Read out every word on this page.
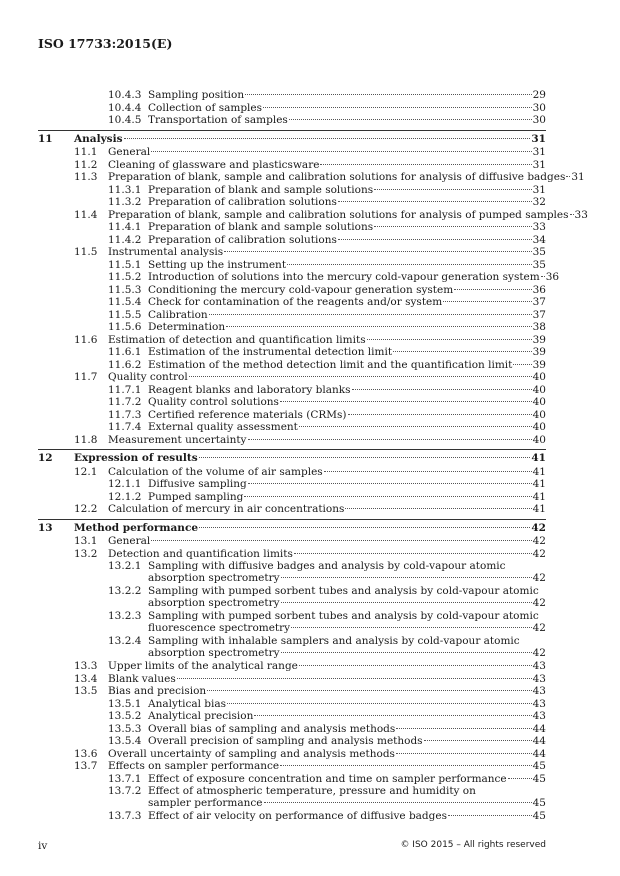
ISO 17733:2015(E)
10.4.3 Sampling position	29
10.4.4 Collection of samples	30
10.4.5 Transportation of samples	30
11 Analysis	31
11.1 General	31
11.2 Cleaning of glassware and plasticsware	31
11.3 Preparation of blank, sample and calibration solutions for analysis of diffusive badges 31
11.3.1 Preparation of blank and sample solutions	31
11.3.2 Preparation of calibration solutions	32
11.4 Preparation of blank, sample and calibration solutions for analysis of pumped samples 33
11.4.1 Preparation of blank and sample solutions	33
11.4.2 Preparation of calibration solutions	34
11.5 Instrumental analysis	35
11.5.1 Setting up the instrument	35
11.5.2 Introduction of solutions into the mercury cold-vapour generation system 36
11.5.3 Conditioning the mercury cold-vapour generation system	36
11.5.4 Check for contamination of the reagents and/or system	37
11.5.5 Calibration	37
11.5.6 Determination	38
11.6 Estimation of detection and quantification limits	39
11.6.1 Estimation of the instrumental detection limit	39
11.6.2 Estimation of the method detection limit and the quantification limit 39
11.7 Quality control	40
11.7.1 Reagent blanks and laboratory blanks	40
11.7.2 Quality control solutions	40
11.7.3 Certified reference materials (CRMs)	40
11.7.4 External quality assessment	40
11.8 Measurement uncertainty	40
12 Expression of results	41
12.1 Calculation of the volume of air samples	41
12.1.1 Diffusive sampling	41
12.1.2 Pumped sampling	41
12.2 Calculation of mercury in air concentrations	41
13 Method performance	42
13.1 General	42
13.2 Detection and quantification limits	42
13.2.1 Sampling with diffusive badges and analysis by cold-vapour atomic
absorption spectrometry	42
13.2.2 Sampling with pumped sorbent tubes and analysis by cold-vapour atomic
absorption spectrometry	42
13.2.3 Sampling with pumped sorbent tubes and analysis by cold-vapour atomic
fluorescence spectrometry	42
13.2.4 Sampling with inhalable samplers and analysis by cold-vapour atomic
absorption spectrometry	42
13.3 Upper limits of the analytical range	43
13.4 Blank values	43
13.5 Bias and precision	43
13.5.1 Analytical bias	43
13.5.2 Analytical precision	43
13.5.3 Overall bias of sampling and analysis methods	44
13.5.4 Overall precision of sampling and analysis methods	44
13.6 Overall uncertainty of sampling and analysis methods	44
13.7 Effects on sampler performance	45
13.7.1 Effect of exposure concentration and time on sampler performance 45
13.7.2 Effect of atmospheric temperature, pressure and humidity on
sampler performance	45
13.7.3 Effect of air velocity on performance of diffusive badges	45
iv	© ISO 2015 – All rights reserved
